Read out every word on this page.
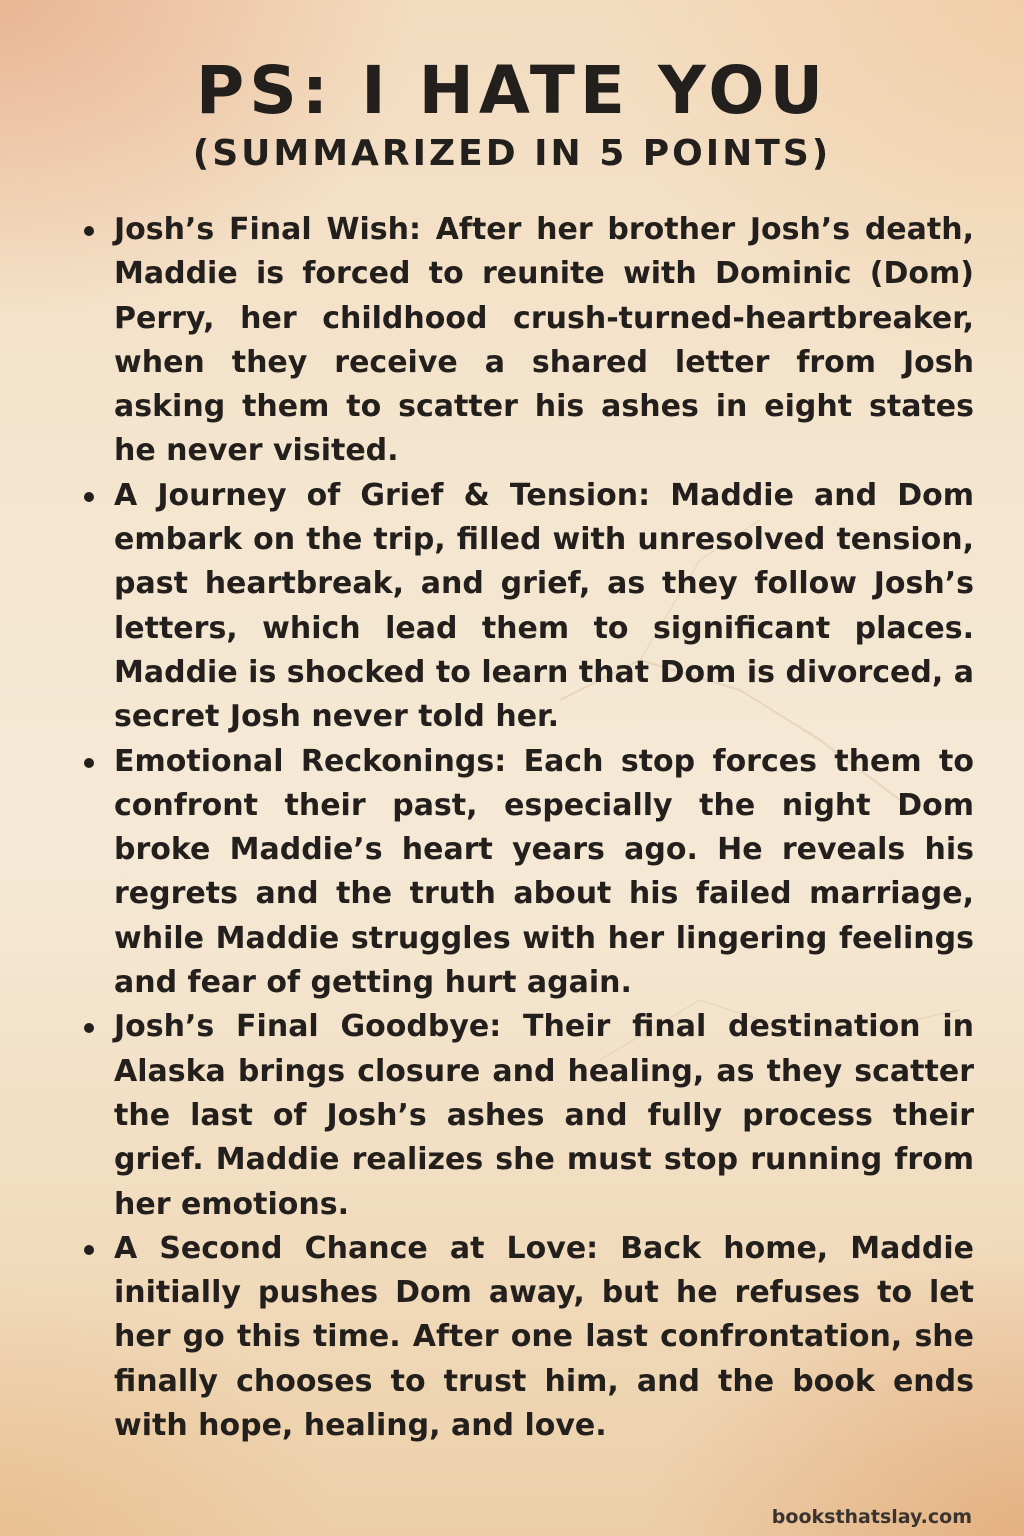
PS: I HATE YOU
(SUMMARIZED IN 5 POINTS)
Josh’s Final Wish: After her brother Josh’s death, Maddie is forced to reunite with Dominic (Dom) Perry, her childhood crush-turned-heartbreaker, when they receive a shared letter from Josh asking them to scatter his ashes in eight states he never visited.
A Journey of Grief & Tension: Maddie and Dom embark on the trip, filled with unresolved tension, past heartbreak, and grief, as they follow Josh’s letters, which lead them to significant places. Maddie is shocked to learn that Dom is divorced, a secret Josh never told her.
Emotional Reckonings: Each stop forces them to confront their past, especially the night Dom broke Maddie’s heart years ago. He reveals his regrets and the truth about his failed marriage, while Maddie struggles with her lingering feelings and fear of getting hurt again.
Josh’s Final Goodbye: Their final destination in Alaska brings closure and healing, as they scatter the last of Josh’s ashes and fully process their grief. Maddie realizes she must stop running from her emotions.
A Second Chance at Love: Back home, Maddie initially pushes Dom away, but he refuses to let her go this time. After one last confrontation, she finally chooses to trust him, and the book ends with hope, healing, and love.
booksthatslay.com
